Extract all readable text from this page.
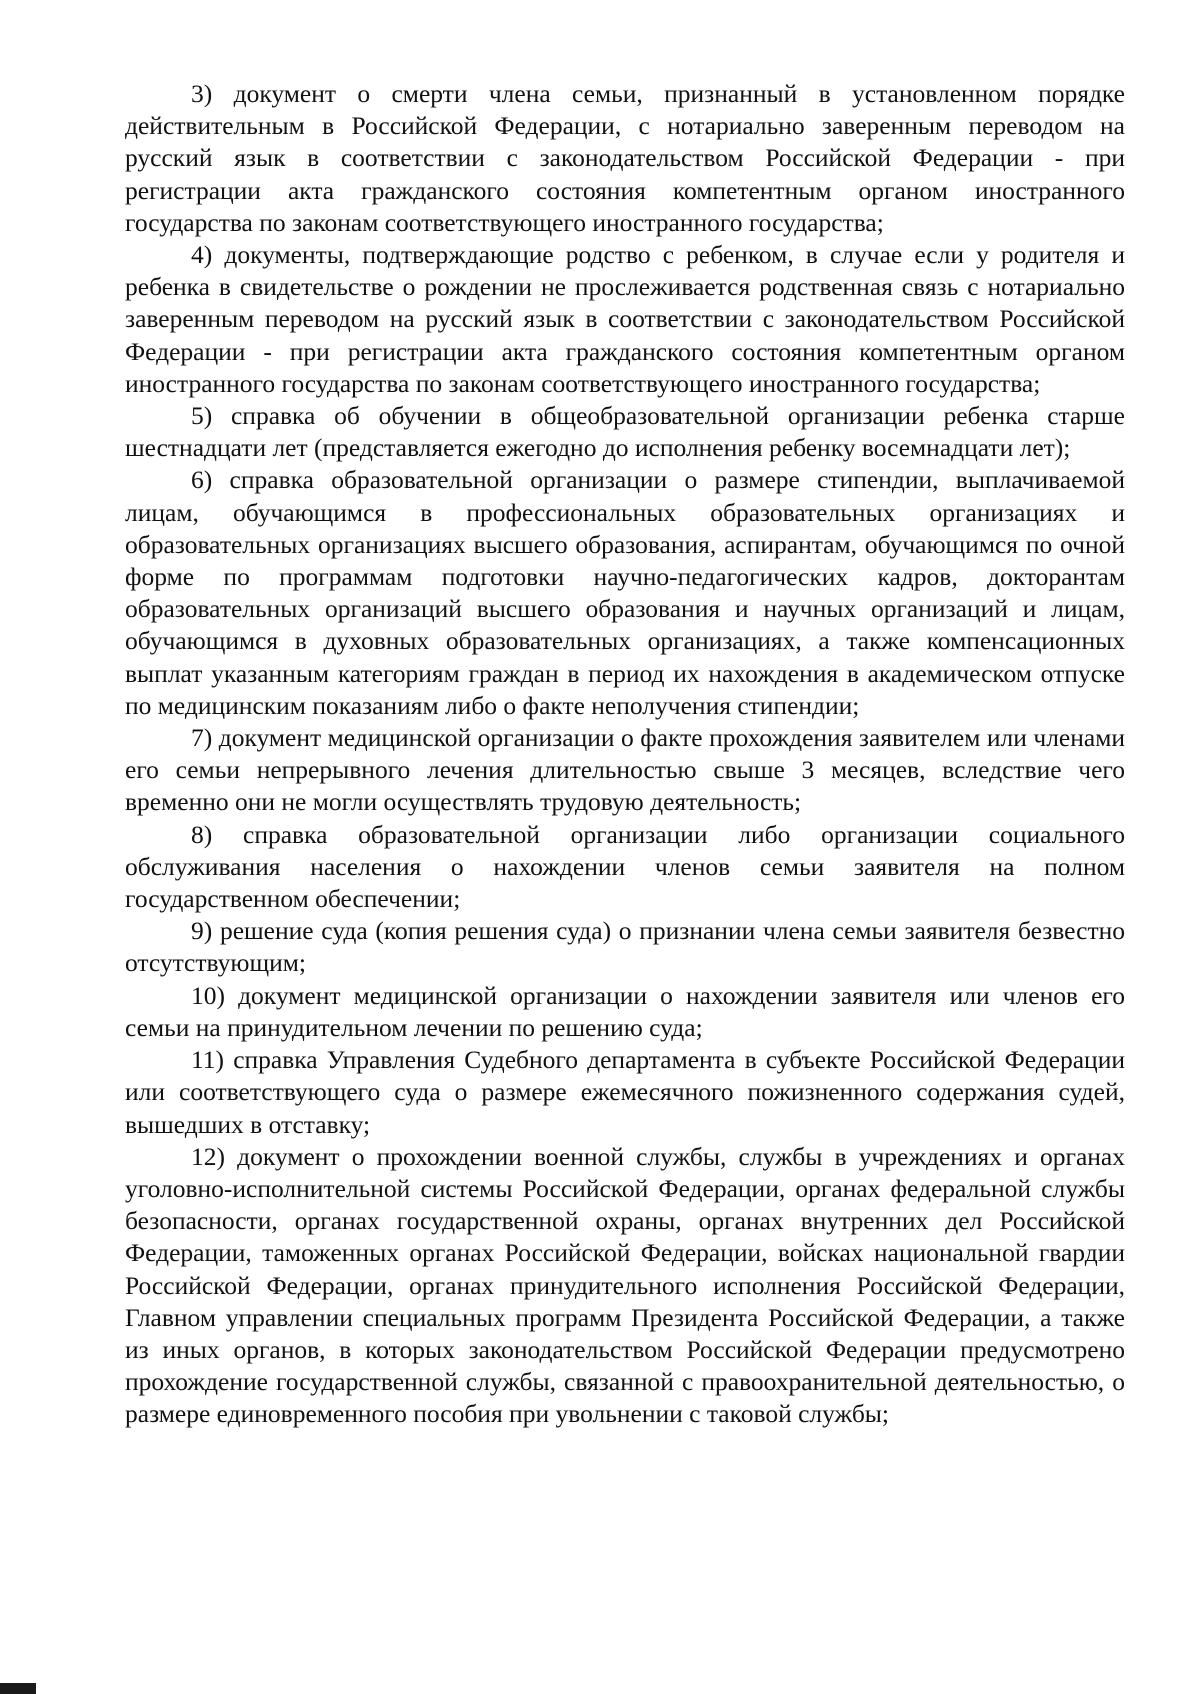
3) документ о смерти члена семьи, признанный в установленном порядке действительным в Российской Федерации, с нотариально заверенным переводом на русский язык в соответствии с законодательством Российской Федерации - при регистрации акта гражданского состояния компетентным органом иностранного государства по законам соответствующего иностранного государства;

4) документы, подтверждающие родство с ребенком, в случае если у родителя и ребенка в свидетельстве о рождении не прослеживается родственная связь с нотариально заверенным переводом на русский язык в соответствии с законодательством Российской Федерации - при регистрации акта гражданского состояния компетентным органом иностранного государства по законам соответствующего иностранного государства;

5) справка об обучении в общеобразовательной организации ребенка старше шестнадцати лет (представляется ежегодно до исполнения ребенку восемнадцати лет);

6) справка образовательной организации о размере стипендии, выплачиваемой лицам, обучающимся в профессиональных образовательных организациях и образовательных организациях высшего образования, аспирантам, обучающимся по очной форме по программам подготовки научно-педагогических кадров, докторантам образовательных организаций высшего образования и научных организаций и лицам, обучающимся в духовных образовательных организациях, а также компенсационных выплат указанным категориям граждан в период их нахождения в академическом отпуске по медицинским показаниям либо о факте неполучения стипендии;

7) документ медицинской организации о факте прохождения заявителем или членами его семьи непрерывного лечения длительностью свыше 3 месяцев, вследствие чего временно они не могли осуществлять трудовую деятельность;

8) справка образовательной организации либо организации социального обслуживания населения о нахождении членов семьи заявителя на полном государственном обеспечении;

9) решение суда (копия решения суда) о признании члена семьи заявителя безвестно отсутствующим;

10) документ медицинской организации о нахождении заявителя или членов его семьи на принудительном лечении по решению суда;

11) справка Управления Судебного департамента в субъекте Российской Федерации или соответствующего суда о размере ежемесячного пожизненного содержания судей, вышедших в отставку;

12) документ о прохождении военной службы, службы в учреждениях и органах уголовно-исполнительной системы Российской Федерации, органах федеральной службы безопасности, органах государственной охраны, органах внутренних дел Российской Федерации, таможенных органах Российской Федерации, войсках национальной гвардии Российской Федерации, органах принудительного исполнения Российской Федерации, Главном управлении специальных программ Президента Российской Федерации, а также из иных органов, в которых законодательством Российской Федерации предусмотрено прохождение государственной службы, связанной с правоохранительной деятельностью, о размере единовременного пособия при увольнении с таковой службы;
